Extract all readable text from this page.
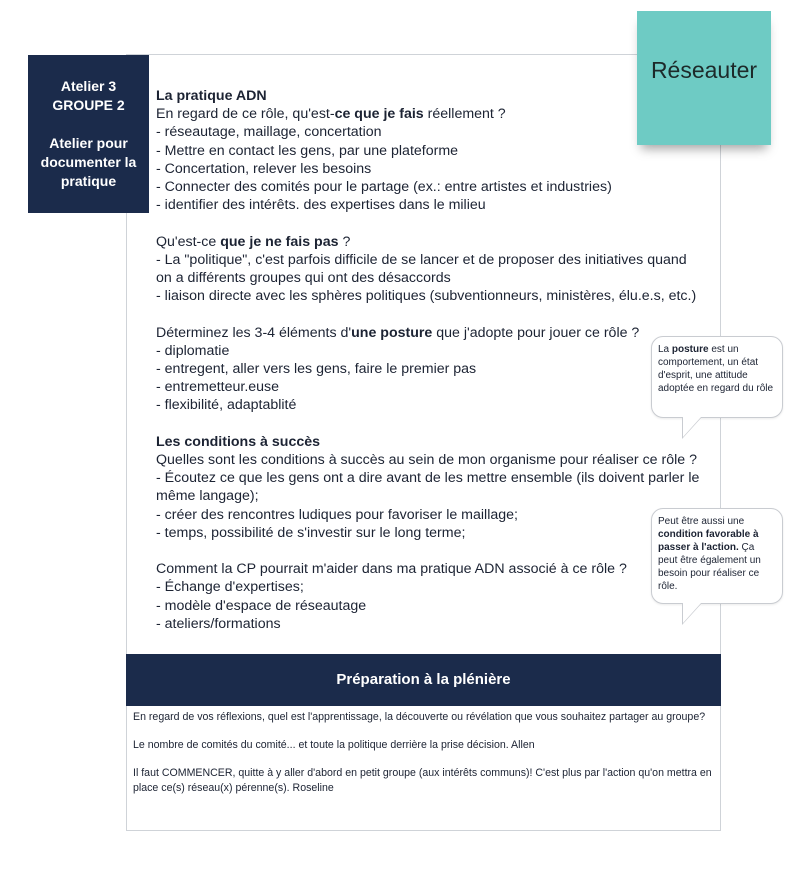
Atelier 3
GROUPE 2
Atelier pour
documenter la
pratique
Réseauter
La pratique ADN
En regard de ce rôle, qu'est-ce que je fais réellement ?
- réseautage, maillage, concertation
- Mettre en contact les gens, par une plateforme
- Concertation, relever les besoins
- Connecter des comités pour le partage (ex.: entre artistes et industries)
- identifier des intérêts. des expertises dans le milieu
Qu'est-ce que je ne fais pas ?
- La "politique", c'est parfois difficile de se lancer et de proposer des initiatives quand
on a différents groupes qui ont des désaccords
- liaison directe avec les sphères politiques (subventionneurs, ministères, élu.e.s, etc.)
Déterminez les 3-4 éléments d'une posture que j'adopte pour jouer ce rôle ?
- diplomatie
- entregent, aller vers les gens, faire le premier pas
- entremetteur.euse
- flexibilité, adaptablité
Les conditions à succès
Quelles sont les conditions à succès au sein de mon organisme pour réaliser ce rôle ?
- Écoutez ce que les gens ont a dire avant de les mettre ensemble (ils doivent parler le
même langage);
- créer des rencontres ludiques pour favoriser le maillage;
- temps, possibilité de s'investir sur le long terme;
Comment la CP pourrait m'aider dans ma pratique ADN associé à ce rôle ?
- Échange d'expertises;
- modèle d'espace de réseautage
- ateliers/formations
La posture est un comportement, un état d'esprit, une attitude adoptée en regard du rôle
Peut être aussi une condition favorable à passer à l'action. Ça peut être également un besoin pour réaliser ce rôle.
Préparation à la plénière

En regard de vos réflexions, quel est l'apprentissage, la découverte ou révélation que vous souhaitez partager au groupe?

Le nombre de comités du comité... et toute la politique derrière la prise décision. Allen

Il faut COMMENCER, quitte à y aller d'abord en petit groupe (aux intérêts communs)! C'est plus par l'action qu'on mettra en place ce(s) réseau(x) pérenne(s). Roseline
